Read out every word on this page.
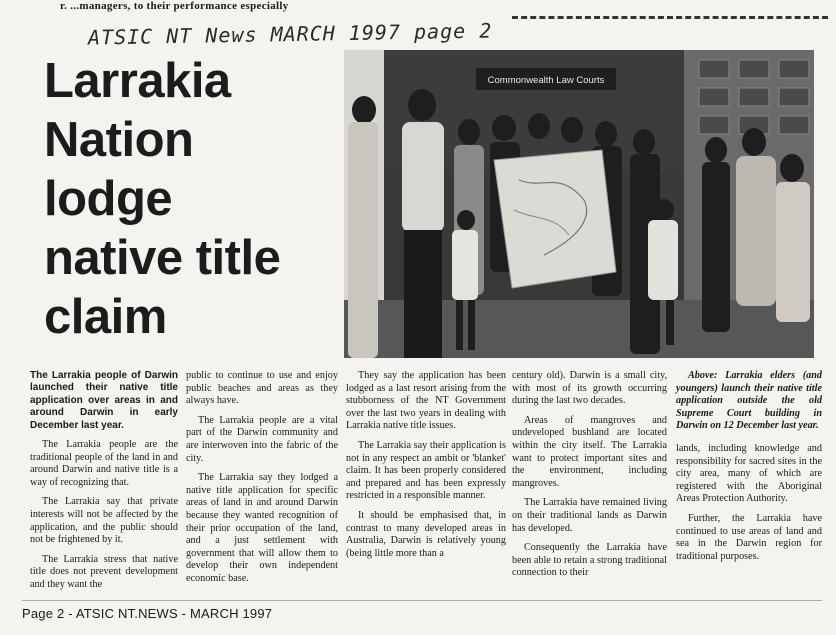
r. ...managers, to their performance especially
ATSIC NT News MARCH 1997 page 2
Larrakia
Nation
lodge
native title
claim
Commonwealth Law Courts

The Larrakia people of Darwin launched their native title application over areas in and around Darwin in early December last year.

The Larrakia people are the traditional people of the land in and around Darwin and native title is a way of recognizing that.

The Larrakia say that private interests will not be affected by the application, and the public should not be frightened by it.

The Larrakia stress that native title does not prevent development and they want the

public to continue to use and enjoy public beaches and areas as they always have.

The Larrakia people are a vital part of the Darwin community and are interwoven into the fabric of the city.

The Larrakia say they lodged a native title application for specific areas of land in and around Darwin because they wanted recognition of their prior occupation of the land, and a just settlement with government that will allow them to develop their own independent economic base.

They say the application has been lodged as a last resort arising from the stubborness of the NT Government over the last two years in dealing with Larrakia native title issues.

The Larrakia say their application is not in any respect an ambit or 'blanket' claim. It has been properly considered and prepared and has been expressly restricted in a responsible manner.

It should be emphasised that, in contrast to many developed areas in Australia, Darwin is relatively young (being little more than a

century old). Darwin is a small city, with most of its growth occurring during the last two decades.

Areas of mangroves and undeveloped bushland are located within the city itself. The Larrakia want to protect important sites and the environment, including mangroves.

The Larrakia have remained living on their traditional lands as Darwin has developed.

Consequently the Larrakia have been able to retain a strong traditional connection to their

Above: Larrakia elders (and youngers) launch their native title application outside the old Supreme Court building in Darwin on 12 December last year.

lands, including knowledge and responsibility for sacred sites in the city area, many of which are registered with the Aboriginal Areas Protection Authority.

Further, the Larrakia have continued to use areas of land and sea in the Darwin region for traditional purposes.

Page 2 - ATSIC NT.NEWS - MARCH 1997
